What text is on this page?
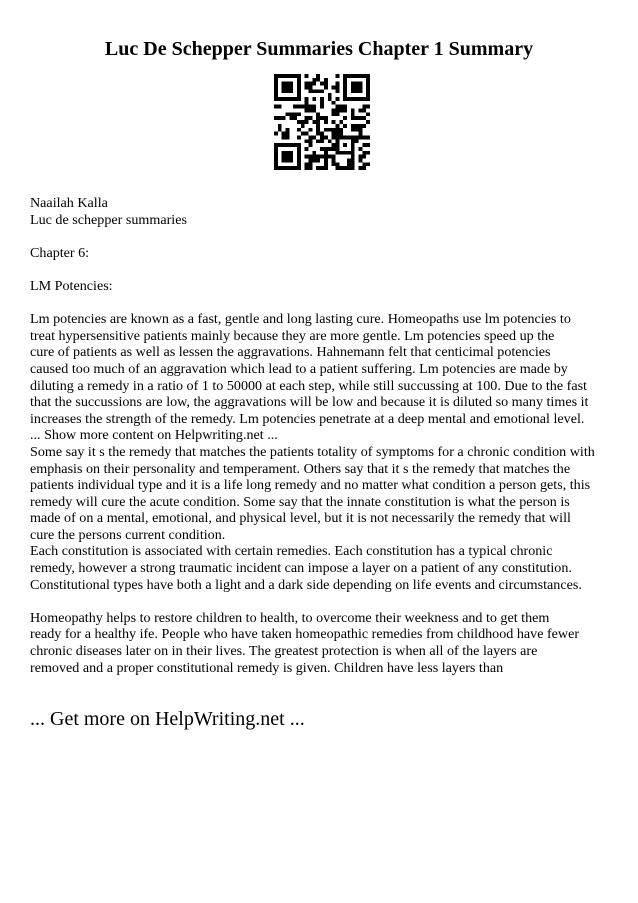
Luc De Schepper Summaries Chapter 1 Summary

Naailah Kalla

Luc de schepper summaries

Chapter 6:

LM Potencies:

Lm potencies are known as a fast, gentle and long lasting cure. Homeopaths use lm potencies to

treat hypersensitive patients mainly because they are more gentle. Lm potencies speed up the

cure of patients as well as lessen the aggravations. Hahnemann felt that centicimal potencies

caused too much of an aggravation which lead to a patient suffering. Lm potencies are made by

diluting a remedy in a ratio of 1 to 50000 at each step, while still succussing at 100. Due to the fast

that the succussions are low, the aggravations will be low and because it is diluted so many times it

increases the strength of the remedy. Lm potencies penetrate at a deep mental and emotional level.

... Show more content on Helpwriting.net ...

Some say it s the remedy that matches the patients totality of symptoms for a chronic condition with

emphasis on their personality and temperament. Others say that it s the remedy that matches the

patients individual type and it is a life long remedy and no matter what condition a person gets, this

remedy will cure the acute condition. Some say that the innate constitution is what the person is

made of on a mental, emotional, and physical level, but it is not necessarily the remedy that will

cure the persons current condition.

Each constitution is associated with certain remedies. Each constitution has a typical chronic

remedy, however a strong traumatic incident can impose a layer on a patient of any constitution.

Constitutional types have both a light and a dark side depending on life events and circumstances.

Homeopathy helps to restore children to health, to overcome their weekness and to get them

ready for a healthy ife. People who have taken homeopathic remedies from childhood have fewer

chronic diseases later on in their lives. The greatest protection is when all of the layers are

removed and a proper constitutional remedy is given. Children have less layers than

... Get more on HelpWriting.net ...
